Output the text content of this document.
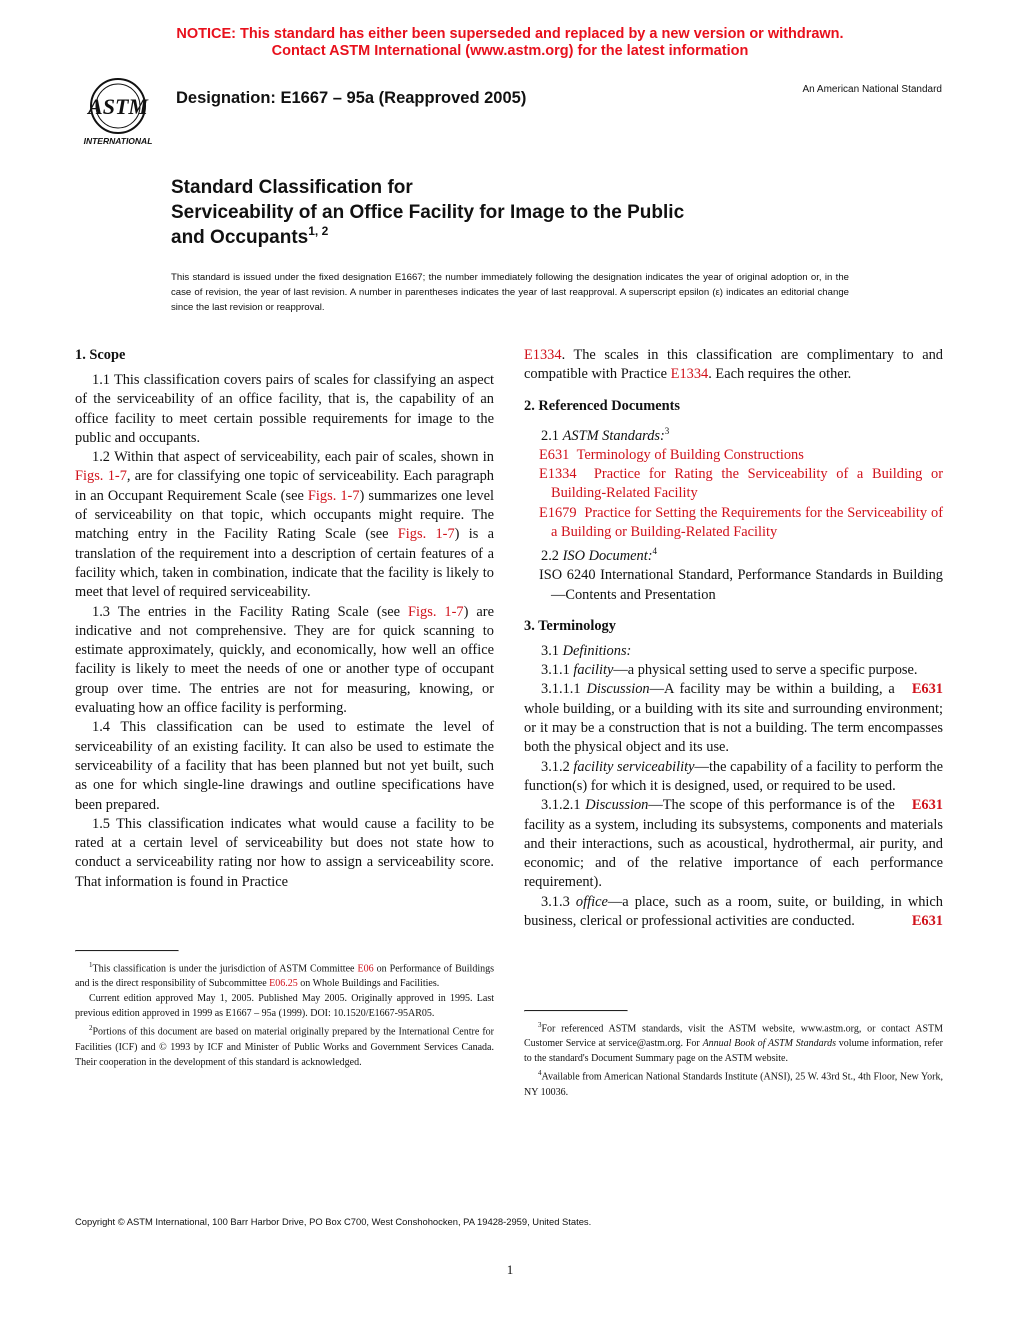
NOTICE: This standard has either been superseded and replaced by a new version or withdrawn.
Contact ASTM International (www.astm.org) for the latest information
ASTM
INTERNATIONAL
Designation: E1667 – 95a (Reapproved 2005)	An American National Standard
Standard Classification for
Serviceability of an Office Facility for Image to the Public
and Occupants$^{1, 2}$
This standard is issued under the fixed designation E1667; the number immediately following the designation indicates the year of original adoption or, in the case of revision, the year of last revision. A number in parentheses indicates the year of last reapproval. A superscript epsilon (ε) indicates an editorial change since the last revision or reapproval.
1. Scope

1.1 This classification covers pairs of scales for classifying an aspect of the serviceability of an office facility, that is, the capability of an office facility to meet certain possible requirements for image to the public and occupants.

1.2 Within that aspect of serviceability, each pair of scales, shown in Figs. 1-7, are for classifying one topic of serviceability. Each paragraph in an Occupant Requirement Scale (see Figs. 1-7) summarizes one level of serviceability on that topic, which occupants might require. The matching entry in the Facility Rating Scale (see Figs. 1-7) is a translation of the requirement into a description of certain features of a facility which, taken in combination, indicate that the facility is likely to meet that level of required serviceability.

1.3 The entries in the Facility Rating Scale (see Figs. 1-7) are indicative and not comprehensive. They are for quick scanning to estimate approximately, quickly, and economically, how well an office facility is likely to meet the needs of one or another type of occupant group over time. The entries are not for measuring, knowing, or evaluating how an office facility is performing.

1.4 This classification can be used to estimate the level of serviceability of an existing facility. It can also be used to estimate the serviceability of a facility that has been planned but not yet built, such as one for which single-line drawings and outline specifications have been prepared.

1.5 This classification indicates what would cause a facility to be rated at a certain level of serviceability but does not state how to conduct a serviceability rating nor how to assign a serviceability score. That information is found in Practice

E1334. The scales in this classification are complimentary to and compatible with Practice E1334. Each requires the other.

2. Referenced Documents

2.1 ASTM Standards:$^3$

E631 Terminology of Building Constructions

E1334 Practice for Rating the Serviceability of a Building or Building-Related Facility

E1679 Practice for Setting the Requirements for the Serviceability of a Building or Building-Related Facility

2.2 ISO Document:$^4$

ISO 6240 International Standard, Performance Standards in Building—Contents and Presentation

3. Terminology

3.1 Definitions:

3.1.1 facility—a physical setting used to serve a specific purpose.
E631

3.1.1.1 Discussion—A facility may be within a building, a whole building, or a building with its site and surrounding environment; or it may be a construction that is not a building. The term encompasses both the physical object and its use.

3.1.2 facility serviceability—the capability of a facility to perform the function(s) for which it is designed, used, or required to be used.
E631

3.1.2.1 Discussion—The scope of this performance is of the facility as a system, including its subsystems, components and materials and their interactions, such as acoustical, hydrothermal, air purity, and economic; and of the relative importance of each performance requirement).

3.1.3 office—a place, such as a room, suite, or building, in which business, clerical or professional activities are conducted.	E631

$^1$This classification is under the jurisdiction of ASTM Committee E06 on Performance of Buildings and is the direct responsibility of Subcommittee E06.25 on Whole Buildings and Facilities.

Current edition approved May 1, 2005. Published May 2005. Originally approved in 1995. Last previous edition approved in 1999 as E1667 – 95a (1999). DOI: 10.1520/E1667-95AR05.

$^2$Portions of this document are based on material originally prepared by the International Centre for Facilities (ICF) and © 1993 by ICF and Minister of Public Works and Government Services Canada. Their cooperation in the development of this standard is acknowledged.

$^3$For referenced ASTM standards, visit the ASTM website, www.astm.org, or contact ASTM Customer Service at service@astm.org. For Annual Book of ASTM Standards volume information, refer to the standard's Document Summary page on the ASTM website.

$^4$Available from American National Standards Institute (ANSI), 25 W. 43rd St., 4th Floor, New York, NY 10036.

Copyright © ASTM International, 100 Barr Harbor Drive, PO Box C700, West Conshohocken, PA 19428-2959, United States.
1
